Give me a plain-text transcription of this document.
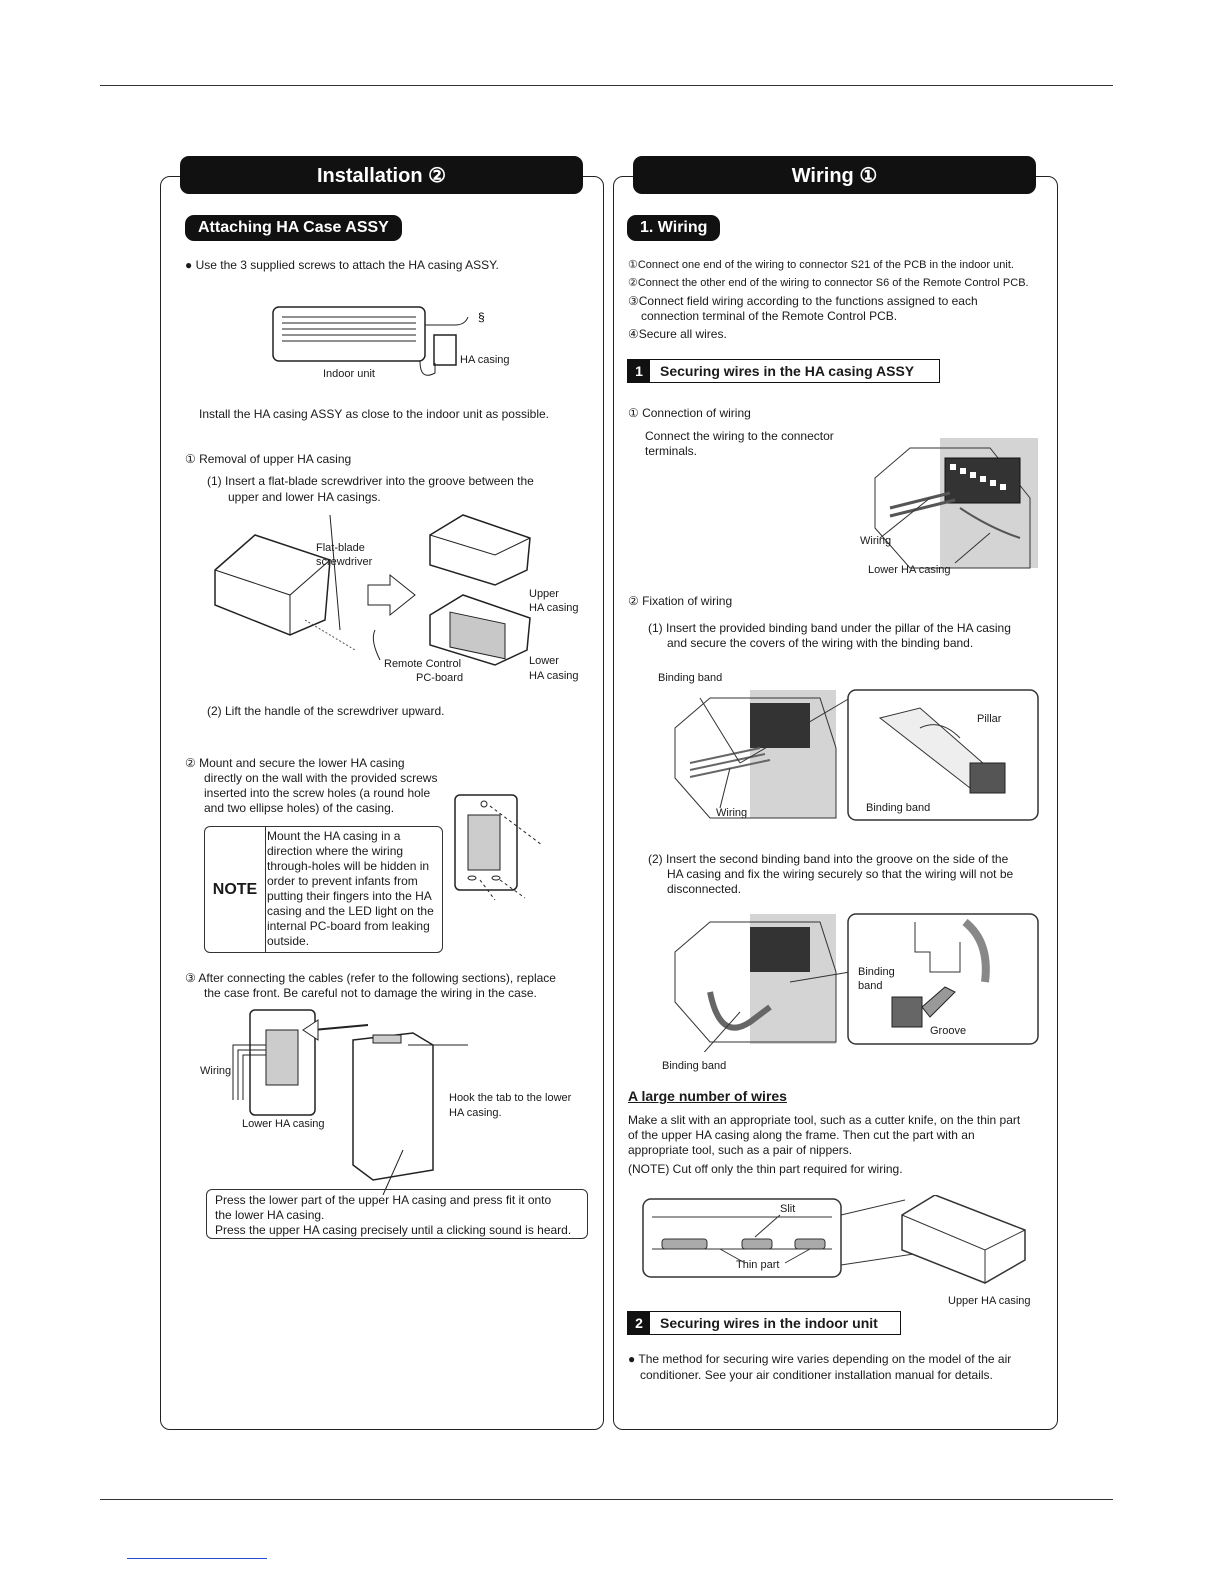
Installation ②
Attaching HA Case ASSY
● Use the 3 supplied screws to attach the HA casing ASSY.
§
HA casing
Indoor unit
Install the HA casing ASSY as close to the indoor unit as possible.
① Removal of upper HA casing
(1) Insert a flat-blade screwdriver into the groove between the
upper and lower HA casings.
Flat-blade
screwdriver
Upper
HA casing
Remote Control
PC-board
Lower
HA casing
(2) Lift the handle of the screwdriver upward.
② Mount and secure the lower HA casing
directly on the wall with the provided screws
inserted into the screw holes (a round hole
and two ellipse holes) of the casing.
NOTE
Mount the HA casing in a direction where the wiring through-holes will be hidden in order to prevent infants from putting their fingers into the HA casing and the LED light on the internal PC-board from leaking outside.
③ After connecting the cables (refer to the following sections), replace
the case front. Be careful not to damage the wiring in the case.
Wiring
Lower HA casing
Hook the tab to the lower
HA casing.
Press the lower part of the upper HA casing and press fit it onto
the lower HA casing.
Press the upper HA casing precisely until a clicking sound is heard.
Wiring ①
1. Wiring
①Connect one end of the wiring to connector S21 of the PCB in the indoor unit.
②Connect the other end of the wiring to connector S6 of the Remote Control PCB.
③Connect field wiring according to the functions assigned to each
connection terminal of the Remote Control PCB.
④Secure all wires.
1	Securing wires in the HA casing ASSY
① Connection of wiring
Connect the wiring to the connector
terminals.
Wiring
Lower HA casing
② Fixation of wiring
(1) Insert the provided binding band under the pillar of the HA casing
and secure the covers of the wiring with the binding band.
Binding band
Wiring
Pillar
Binding band
(2) Insert the second binding band into the groove on the side of the
HA casing and fix the wiring securely so that the wiring will not be
disconnected.
Binding
band
Groove
Binding band
A large number of wires
Make a slit with an appropriate tool, such as a cutter knife, on the thin part
of the upper HA casing along the frame. Then cut the part with an
appropriate tool, such as a pair of nippers.
(NOTE) Cut off only the thin part required for wiring.
Slit
Thin part
Upper HA casing
2	Securing wires in the indoor unit
● The method for securing wire varies depending on the model of the air
conditioner. See your air conditioner installation manual for details.
